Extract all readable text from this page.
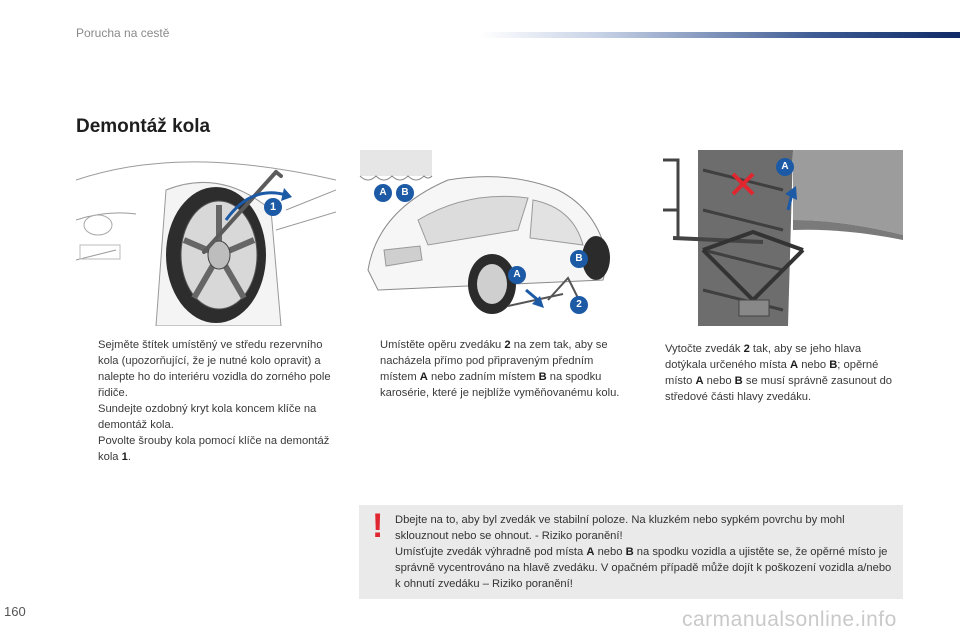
Porucha na cestě
Demontáž kola
1
A	B
A
B
2
A

Sejměte štítek umístěný ve středu rezervního kola (upozorňující, že je nutné kolo opravit) a nalepte ho do interiéru vozidla do zorného pole řidiče.

Sundejte ozdobný kryt kola koncem klíče na demontáž kola.

Povolte šrouby kola pomocí klíče na demontáž kola 1.

Umístěte opěru zvedáku 2 na zem tak, aby se nacházela přímo pod připraveným předním místem A nebo zadním místem B na spodku karosérie, které je nejblíže vyměňovanému kolu.

Vytočte zvedák 2 tak, aby se jeho hlava dotýkala určeného místa A nebo B; opěrné místo A nebo B se musí správně zasunout do středové části hlavy zvedáku.

! Dbejte na to, aby byl zvedák ve stabilní poloze. Na kluzkém nebo sypkém povrchu by mohl sklouznout nebo se ohnout. - Riziko poranění!
Umísťujte zvedák výhradně pod místa A nebo B na spodku vozidla a ujistěte se, že opěrné místo je správně vycentrováno na hlavě zvedáku. V opačném případě může dojít k poškození vozidla a/nebo k ohnutí zvedáku – Riziko poranění!
160	carmanualsonline.info
